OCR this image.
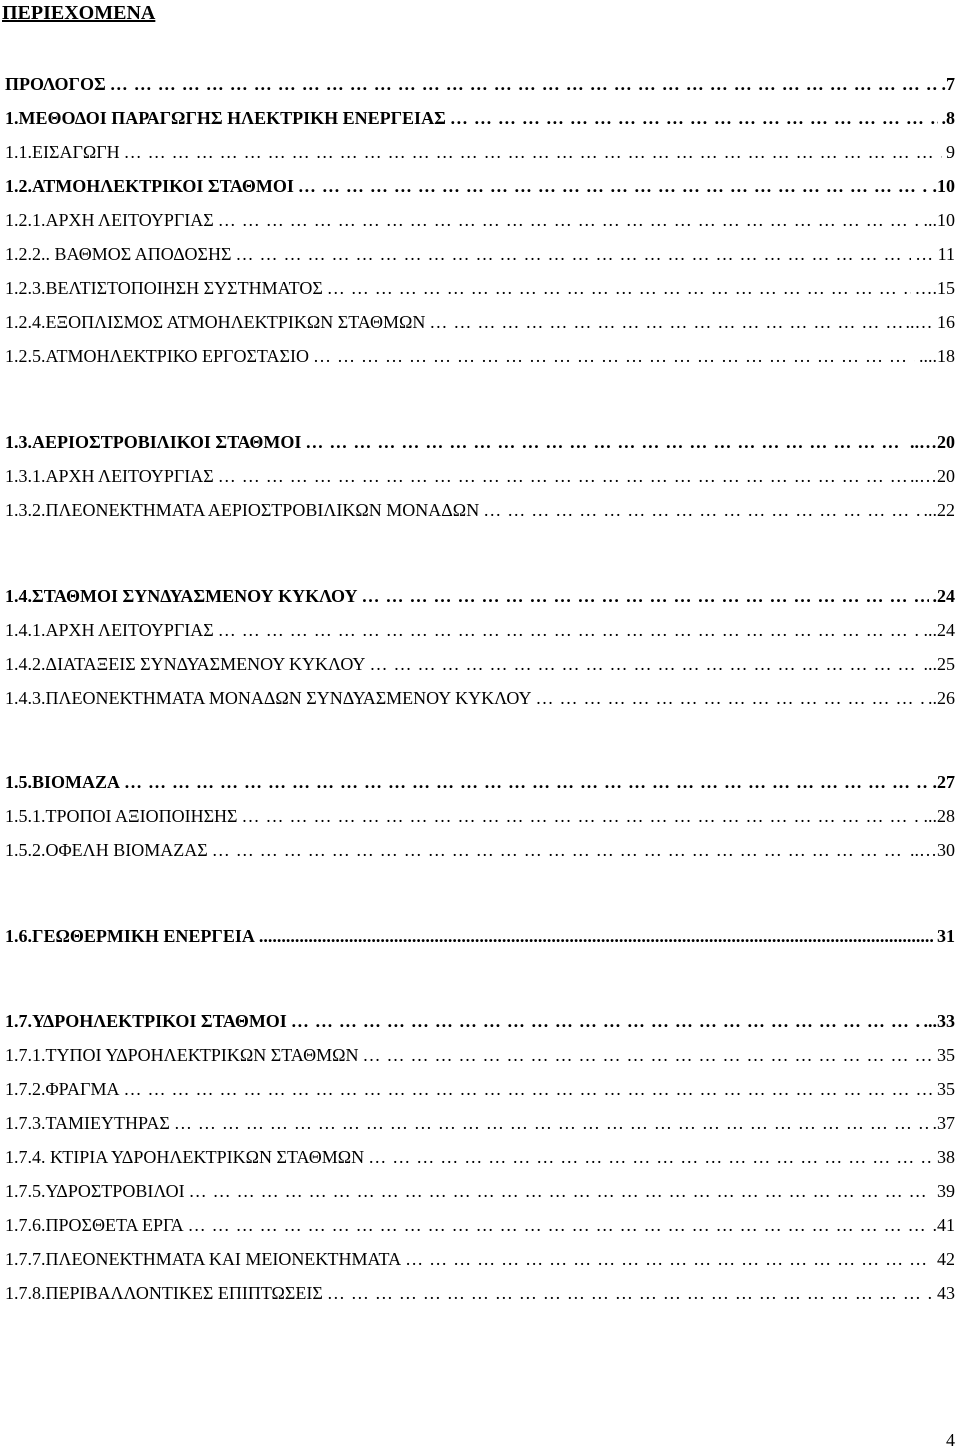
ΠΕΡΙΕΧΟΜΕΝΑ
ΠΡΟΛΟΓΟΣ …………………………………………………………………………………………………………	.7
1.ΜΕΘΟΔΟΙ ΠΑΡΑΓΩΓΗΣ ΗΛΕΚΤΡΙΚΗ ΕΝΕΡΓΕΙΑΣ …………………………………………………………………………………………………………	.8
1.1.ΕΙΣΑΓΩΓΗ …………………………………………………………………………………………………………	9
1.2.ΑΤΜΟΗΛΕΚΤΡΙΚΟΙ ΣΤΑΘΜΟΙ …………………………………………………………………………………………………………	.10
1.2.1.ΑΡΧΗ ΛΕΙΤΟΥΡΓΙΑΣ …………………………………………………………………………………………………………	...10
1.2.2.. ΒΑΘΜΟΣ ΑΠΟΔΟΣΗΣ …………………………………………………………………………………………………………	… 11
1.2.3.ΒΕΛΤΙΣΤΟΠΟΙΗΣΗ ΣΥΣΤΗΜΑΤΟΣ …………………………………………………………………………………………………………	….15
1.2.4.ΕΞΟΠΛΙΣΜΟΣ ΑΤΜΟΗΛΕΚΤΡΙΚΩΝ ΣΤΑΘΜΩΝ …………………………………………………………………………………………………………	..… 16
1.2.5.ΑΤΜΟΗΛΕΚΤΡΙΚΟ ΕΡΓΟΣΤΑΣΙΟ …………………………………………………………………………………………………………	....18
1.3.ΑΕΡΙΟΣΤΡΟΒΙΛΙΚΟΙ ΣΤΑΘΜΟΙ …………………………………………………………………………………………………………	..…20
1.3.1.ΑΡΧΗ ΛΕΙΤΟΥΡΓΙΑΣ …………………………………………………………………………………………………………	..…20
1.3.2.ΠΛΕΟΝΕΚΤΗΜΑΤΑ ΑΕΡΙΟΣΤΡΟΒΙΛΙΚΩΝ ΜΟΝΑΔΩΝ …………………………………………………………………………………………………………	...22
1.4.ΣΤΑΘΜΟΙ ΣΥΝΔΥΑΣΜΕΝΟΥ ΚΥΚΛΟΥ …………………………………………………………………………………………………………	.24
1.4.1.ΑΡΧΗ ΛΕΙΤΟΥΡΓΙΑΣ …………………………………………………………………………………………………………	...24
1.4.2.ΔΙΑΤΑΞΕΙΣ ΣΥΝΔΥΑΣΜΕΝΟΥ ΚΥΚΛΟΥ …………………………………………………………………………………………………………	...25
1.4.3.ΠΛΕΟΝΕΚΤΗΜΑΤΑ ΜΟΝΑΔΩΝ ΣΥΝΔΥΑΣΜΕΝΟΥ ΚΥΚΛΟΥ …………………………………………………………………………………………………………	..26
1.5.ΒΙΟΜΑΖΑ …………………………………………………………………………………………………………	.27
1.5.1.ΤΡΟΠΟΙ ΑΞΙΟΠΟΙΗΣΗΣ …………………………………………………………………………………………………………	...28
1.5.2.ΟΦΕΛΗ ΒΙΟΜΑΖΑΣ …………………………………………………………………………………………………………	..…30
1.6.ΓΕΩΘΕΡΜΙΚΗ ΕΝΕΡΓΕΙΑ .....	31
1.7.ΥΔΡΟΗΛΕΚΤΡΙΚΟΙ ΣΤΑΘΜΟΙ …………………………………………………………………………………………………………	...33
1.7.1.ΤΥΠΟΙ ΥΔΡΟΗΛΕΚΤΡΙΚΩΝ ΣΤΑΘΜΩΝ …………………………………………………………………………………………………………	35
1.7.2.ΦΡΑΓΜΑ …………………………………………………………………………………………………………	35
1.7.3.ΤΑΜΙΕΥΤΗΡΑΣ …………………………………………………………………………………………………………	.37
1.7.4. ΚΤΙΡΙΑ ΥΔΡΟΗΛΕΚΤΡΙΚΩΝ ΣΤΑΘΜΩΝ …………………………………………………………………………………………………………	38
1.7.5.ΥΔΡΟΣΤΡΟΒΙΛΟΙ …………………………………………………………………………………………………………	39
1.7.6.ΠΡΟΣΘΕΤΑ ΕΡΓΑ …………………………………………………………………………………………………………	.41
1.7.7.ΠΛΕΟΝΕΚΤΗΜΑΤΑ ΚΑΙ ΜΕΙΟΝΕΚΤΗΜΑΤΑ …………………………………………………………………………………………………………	42
1.7.8.ΠΕΡΙΒΑΛΛΟΝΤΙΚΕΣ ΕΠΙΠΤΩΣΕΙΣ …………………………………………………………………………………………………………	43
4
